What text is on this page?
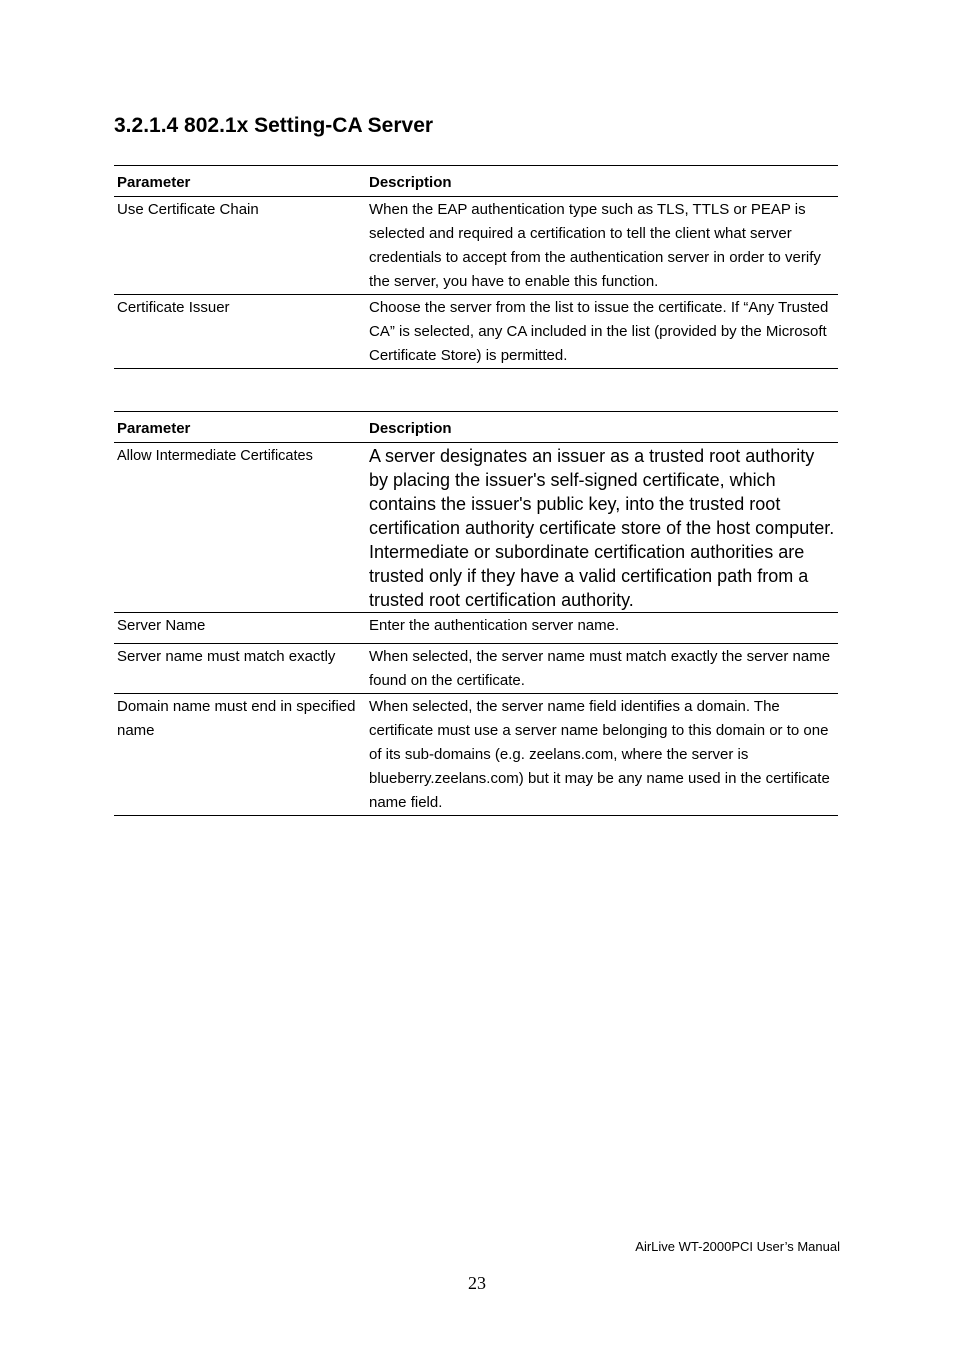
3.2.1.4 802.1x Setting-CA Server
Parameter	Description
Use Certificate Chain	When the EAP authentication type such as TLS, TTLS or PEAP is selected and required a certification to tell the client what server credentials to accept from the authentication server in order to verify the server, you have to enable this function.
Certificate Issuer	Choose the server from the list to issue the certificate. If “Any Trusted CA” is selected, any CA included in the list (provided by the Microsoft Certificate Store) is permitted.
Parameter	Description
Allow Intermediate Certificates	A server designates an issuer as a trusted root authority by placing the issuer's self-signed certificate, which contains the issuer's public key, into the trusted root certification authority certificate store of the host computer. Intermediate or subordinate certification authorities are trusted only if they have a valid certification path from a trusted root certification authority.
Server Name	Enter the authentication server name.
Server name must match exactly	When selected, the server name must match exactly the server name found on the certificate.
Domain name must end in specified name	When selected, the server name field identifies a domain. The certificate must use a server name belonging to this domain or to one of its sub-domains (e.g. zeelans.com, where the server is blueberry.zeelans.com) but it may be any name used in the certificate name field.
AirLive WT-2000PCI User’s Manual
23
